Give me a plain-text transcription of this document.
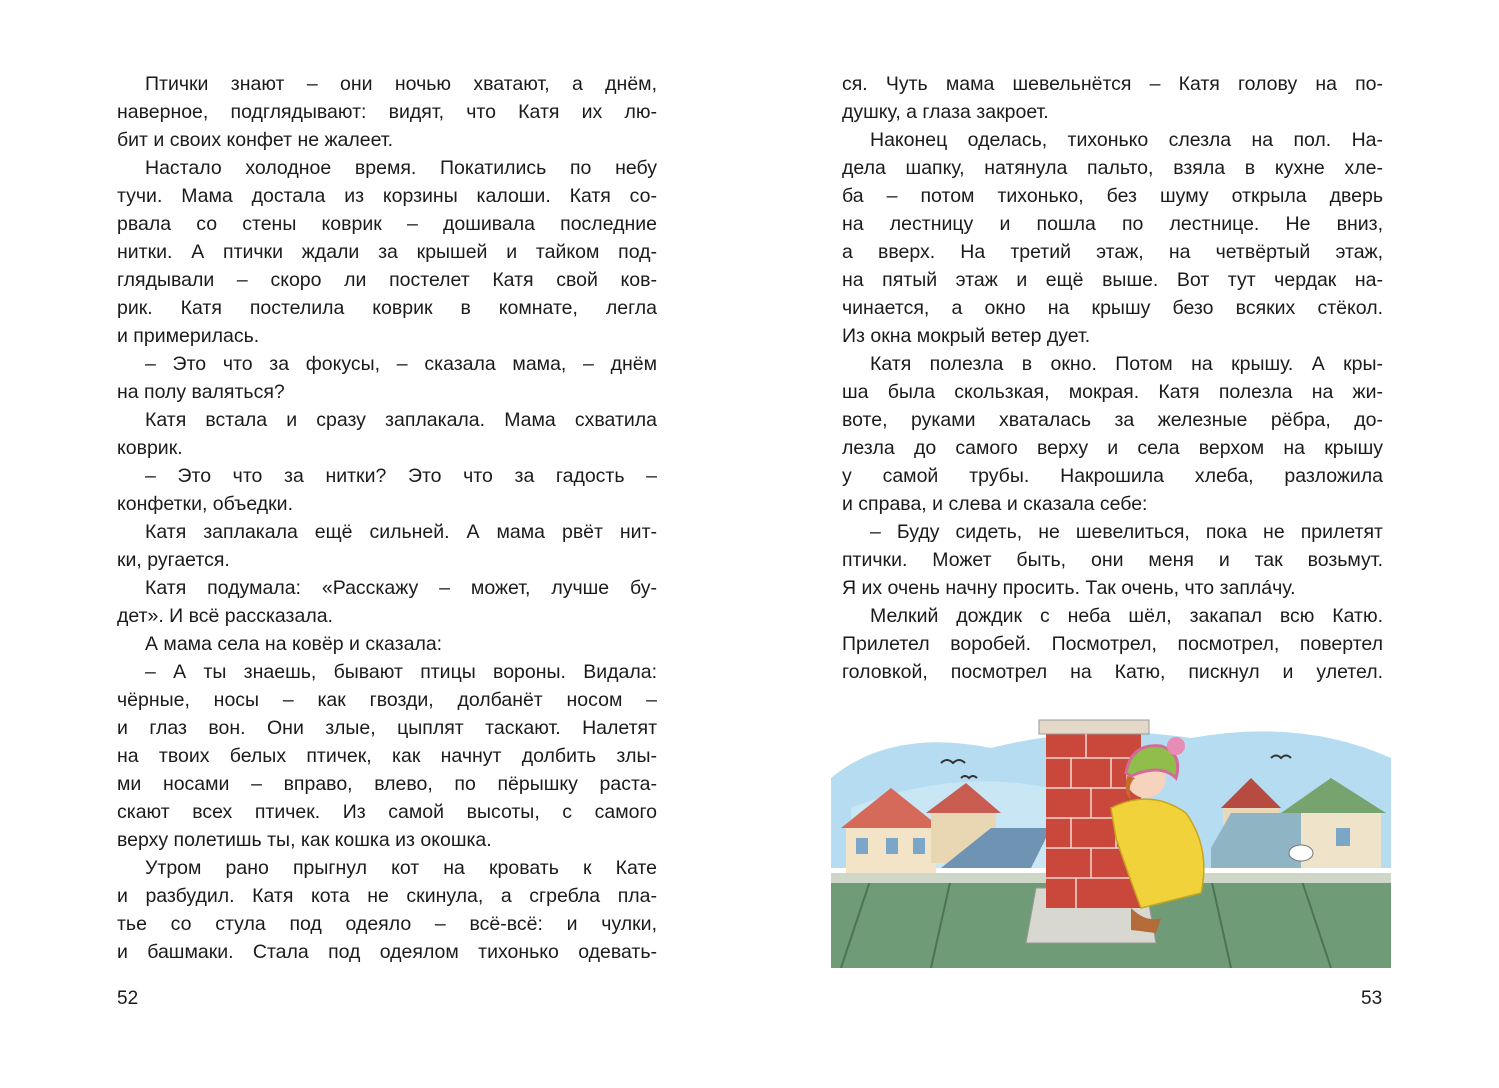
Птички знают – они ночью хватают, а днём,
наверное, подглядывают: видят, что Катя их лю-
бит и своих конфет не жалеет.
Настало холодное время. Покатились по небу
тучи. Мама достала из корзины калоши. Катя со-
рвала со стены коврик – дошивала последние
нитки. А птички ждали за крышей и тайком под-
глядывали – скоро ли постелет Катя свой ков-
рик. Катя постелила коврик в комнате, легла
и примерилась.
– Это что за фокусы, – сказала мама, – днём
на полу валяться?
Катя встала и сразу заплакала. Мама схватила
коврик.
– Это что за нитки? Это что за гадость –
конфетки, объедки.
Катя заплакала ещё сильней. А мама рвёт нит-
ки, ругается.
Катя подумала: «Расскажу – может, лучше бу-
дет». И всё рассказала.
А мама села на ковёр и сказала:
– А ты знаешь, бывают птицы вороны. Видала:
чёрные, носы – как гвозди, долбанёт носом –
и глаз вон. Они злые, цыплят таскают. Налетят
на твоих белых птичек, как начнут долбить злы-
ми носами – вправо, влево, по пёрышку раста-
скают всех птичек. Из самой высоты, с самого
верху полетишь ты, как кошка из окошка.
Утром рано прыгнул кот на кровать к Кате
и разбудил. Катя кота не скинула, а сгребла пла-
тье со стула под одеяло – всё-всё: и чулки,
и башмаки. Стала под одеялом тихонько одевать-
52
ся. Чуть мама шевельнётся – Катя голову на по-
душку, а глаза закроет.
Наконец оделась, тихонько слезла на пол. На-
дела шапку, натянула пальто, взяла в кухне хле-
ба – потом тихонько, без шуму открыла дверь
на лестницу и пошла по лестнице. Не вниз,
а вверх. На третий этаж, на четвёртый этаж,
на пятый этаж и ещё выше. Вот тут чердак на-
чинается, а окно на крышу безо всяких стёкол.
Из окна мокрый ветер дует.
Катя полезла в окно. Потом на крышу. А кры-
ша была скользкая, мокрая. Катя полезла на жи-
воте, руками хваталась за железные рёбра, до-
лезла до самого верху и села верхом на крышу
у самой трубы. Накрошила хлеба, разложила
и справа, и слева и сказала себе:
– Буду сидеть, не шевелиться, пока не прилетят
птички. Может быть, они меня и так возьмут.
Я их очень начну просить. Так очень, что заплáчу.
Мелкий дождик с неба шёл, закапал всю Катю.
Прилетел воробей. Посмотрел, посмотрел, повертел
головкой, посмотрел на Катю, пискнул и улетел.
53
